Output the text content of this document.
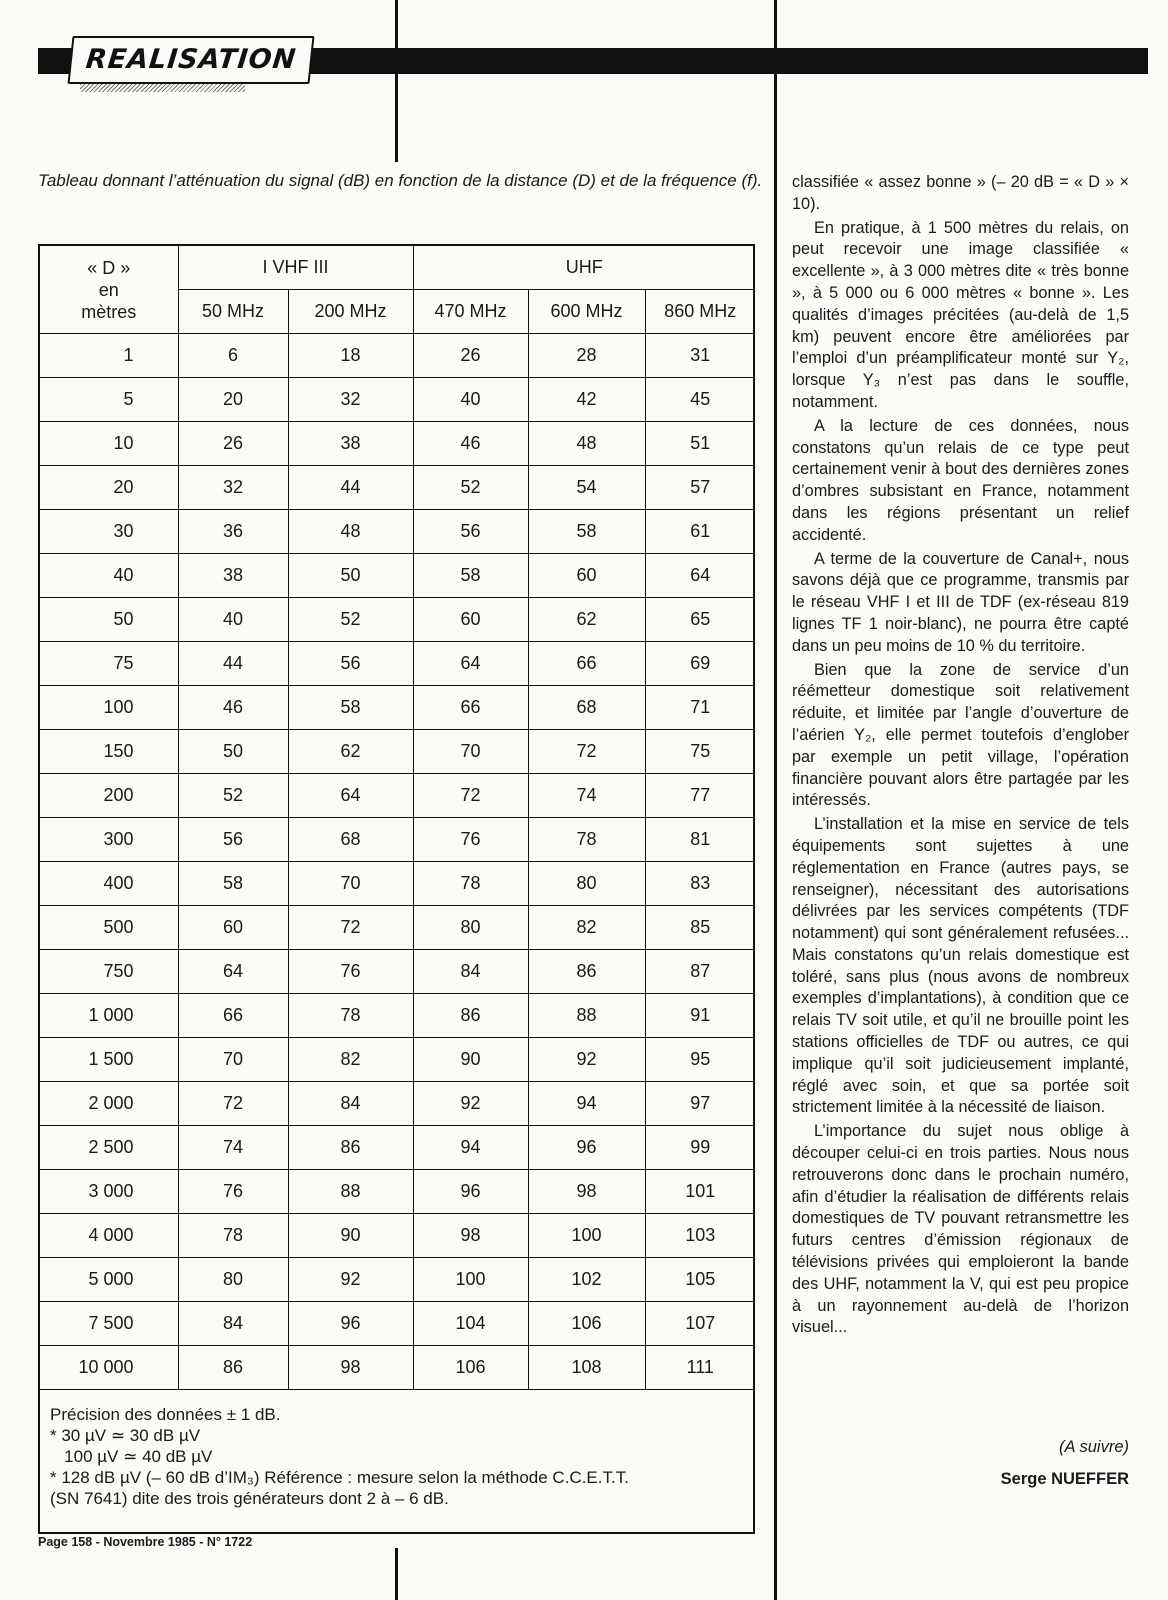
REALISATION
Tableau donnant l’atténuation du signal (dB) en fonction de la distance (D) et de la fréquence (f).
« D »
en
mètres	I VHF III		UHF		
	50 MHz	200 MHz	470 MHz	600 MHz	860 MHz
1	6	18	26	28	31
5	20	32	40	42	45
10	26	38	46	48	51
20	32	44	52	54	57
30	36	48	56	58	61
40	38	50	58	60	64
50	40	52	60	62	65
75	44	56	64	66	69
100	46	58	66	68	71
150	50	62	70	72	75
200	52	64	72	74	77
300	56	68	76	78	81
400	58	70	78	80	83
500	60	72	80	82	85
750	64	76	84	86	87
1 000	66	78	86	88	91
1 500	70	82	90	92	95
2 000	72	84	92	94	97
2 500	74	86	94	96	99
3 000	76	88	96	98	101
4 000	78	90	98	100	103
5 000	80	92	100	102	105
7 500	84	96	104	106	107
10 000	86	98	106	108	111
Précision des données ± 1 dB.
* 30 µV ≃ 30 dB µV
100 µV ≃ 40 dB µV
* 128 dB µV (– 60 dB d’IM₃) Référence : mesure selon la méthode C.C.E.T.T.
(SN 7641) dite des trois générateurs dont 2 à – 6 dB.

classifiée « assez bonne » (– 20 dB = « D » × 10).

En pratique, à 1 500 mètres du relais, on peut recevoir une image classifiée « excellente », à 3 000 mètres dite « très bonne », à 5 000 ou 6 000 mètres « bonne ». Les qualités d’images précitées (au-delà de 1,5 km) peuvent encore être améliorées par l’emploi d’un préamplificateur monté sur Y₂, lorsque Y₃ n’est pas dans le souffle, notamment.

A la lecture de ces données, nous constatons qu’un relais de ce type peut certainement venir à bout des dernières zones d’ombres subsistant en France, notamment dans les régions présentant un relief accidenté.

A terme de la couverture de Canal+, nous savons déjà que ce programme, transmis par le réseau VHF I et III de TDF (ex-réseau 819 lignes TF 1 noir-blanc), ne pourra être capté dans un peu moins de 10 % du territoire.

Bien que la zone de service d’un réémetteur domestique soit relativement réduite, et limitée par l’angle d’ouverture de l’aérien Y₂, elle permet toutefois d’englober par exemple un petit village, l’opération financière pouvant alors être partagée par les intéressés.

L’installation et la mise en service de tels équipements sont sujettes à une réglementation en France (autres pays, se renseigner), nécessitant des autorisations délivrées par les services compétents (TDF notamment) qui sont généralement refusées... Mais constatons qu’un relais domestique est toléré, sans plus (nous avons de nombreux exemples d’implantations), à condition que ce relais TV soit utile, et qu’il ne brouille point les stations officielles de TDF ou autres, ce qui implique qu’il soit judicieusement implanté, réglé avec soin, et que sa portée soit strictement limitée à la nécessité de liaison.

L’importance du sujet nous oblige à découper celui-ci en trois parties. Nous nous retrouverons donc dans le prochain numéro, afin d’étudier la réalisation de différents relais domestiques de TV pouvant retransmettre les futurs centres d’émission régionaux de télévisions privées qui emploieront la bande des UHF, notamment la V, qui est peu propice à un rayonnement au-delà de l’horizon visuel...

(A suivre)
Serge NUEFFER
Page 158 - Novembre 1985 - N° 1722
